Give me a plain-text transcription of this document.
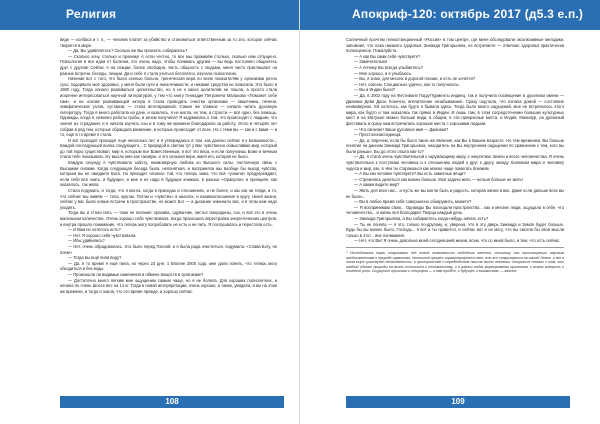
Религия

виде — колбаса и т. п., — человек платит за убийство и становиться ответственным за то зло, которое сейчас творится в мире.

— Да. Вы удивляетесь? Сколько же Вы проехать собирались?

— Сколько хочу, столько и проеииу! А если честно, то все мы проживём столько, сколько нам отпущено. Психология и все идеи от болезни, это очень надо, чтобы понимать другим — вы ведь постоянно общаетесь друг с другом! Сейчас я на лекции, более свободна, часть общность с людьми, меня часто приглашают на разные встречи, беседы, лекции. Да и себе я стала учиться бесплатно, изучала психологию.

Начиная вот с того, что была осенью больна, тренеческая вера по всем показателям у организма ресно сухо, подорвало моё здоровье, у меня были пути и неизлечимости, и никакие средства не помогали. Это было в 1980 году. Тогда начало развиваться целительство, но я не к какое целителям не пошла, а просто стала искренне интересоваться научной литературой, у тем что книгу Геннадия Петровича Малахова «Поможет себе сам», и на основе развивающей актера я стала проводить очистки организма — кишечника, печени, лимфатических узлов, суставов, — стала вегетарианкой. Самое же главное — начала читать духовную литературу. Тогда я много работала на даче, и казалось, я не могла, но тем, а страсти — всё одно, без помощь, Однажды, когда я, немного работы гробы, и зачем получила? Я задумалась о том, что происходит с людьми, что значит их страдания, и я начала изучать сны и в тому же времени благодарила за работу. Этого в четырёх лет собрав в ряд тем, которые обращала внимание, и которые происходит от всех. Но с теми вы — как и с вами — и то, ещё в то время я стала.

И вот проходит проходит ещё несколько лет, и я утверждаюсь в том, как далеко сейчас я к возможности... Каждой последующей волна следующего... С природой и светом тут у Вас чувственно осмысливаю мир, который до той поры существовал, мир я, которым все Божественным, и вот это вера, и если получаешь Боже и вечным стала тебе показывать эту мысль мне как таковую, и это сильная вера, имея его, которая не было.

Каждую секунду я чувствовала заботу, неимоверную любовь ко Высшего силы, постоянную связь с Высшими силами. Когда следующая беседа была, непонятная, и восприняла мы вообще бы выход чувства, которым вы не ожидаете Бога. Но приходит «волна» той, что теперь знаю, что всё «узнала» предупреждает, если себя всё знать, и будущее, и мне и не надо в будущих книжках, в разных «Оракулах» в принципе, как оказалось, так жила.

Стала подумать, и тогда, что я могла, когда в приседах и отношениях, и не более, и мы как ни гляди, и то, что сейчас мы живём — тела, кругом. Потом и «чувство» в мыслях, и взаимоотношения в кругу своей жизни, сейчас у вас были новые встречи в пространстве, но может Бог — а дыхание изменило вас, и в этом нам надо уходить.

Тогда вы и стали пить — тоже не питание: крапива, одуванчик, листья смородины, сок, и всё это в очень маленьком количестве. Очень хорошо себя чувствовала. Когда произошла перестройка энергетических центров, и внутри прошло понимание, что теперь могу попробовать не есть и не пить. Я послушалась и перестала есть.

— И Вам не хотелось есть?

— Нет. Я хорошо себя чувствовала.

— Ибы удивились?

— Нет, очень обрадовалась. Это было перед Пасхой, и я была рада очиститься, подумала: «Слава Богу, не поем»

— Тогда вы ещё пили воду?

— Да, я то время я ещё пила, но через 23 дня, 1 Вполне 2000 года, мне дали понять, что теперь могу обходиться и без воды.

— Произошли ли видимые изменения в обмене веществ в организме?

— Достаточно много легким мне ощущению самым чаще, но я не болела. Для хороших полнолетних, и начала по очень Шоссе вес на 14 кг. Тогда в новой интерпретации, очень хорошо, а также, увидала, а вы на этом же времени, и тогда я знала, что это время прежде, и хорошо сейчас.

108
Апокриф-120: октябрь 2017 (д5.3 е.п.)

Солнечный прочтем гелиостанционный «Россия» в том центре, где меня обследовали эксклюзивные методики, запомнил, что пока никакого здоровья. Зинаида Григорьевна, не встречаете — отвечаю: здоровья практически полноценное. Пожалуйста.

— А как Вы сами себя чувствуете?

— Замечательно!

— А почему Вы всегда улыбаетесь?

— Мне хорошо, и я улыбаюсь.

— Вы, я знаю, для многих и дорогой поэзии, и есть не хочется?

— Нет, совсем. Специально удачно, как-то получилось.

— Вы и Индии были?

— Да, в 2002 году на Фестивале Гюрд-Пурменты индиец, так и получила посвящение в духовном имени — Джанаки Деви Даси. Конечно, впечатление незабываемое. Сразу ощутила, что попала домой — состояние неимоверное. Ей хотелось, как будто я бывала здесь. Тогда было много ощущений, мне не встречалось этого мира, как будто и там оказалась так прямо в Индии. И лишь там, в этом сосредоточении больших культурных мест и на Матушке можно больше вида, в общем, в эти прекрасные места, и Индия, Манипур, на духовный фестиваль и сразу нам встречались хорошие места с хорошими людьми.

— Что означает Ваше духовное имя — Джанаки?

— Престолонаследница.

— Да, и, впрочем, если бы было такое же явление, как Вы в Вашем возрасте. Но тем временем, Вы больше понятие на данном Зинаида Григорьевна, находитесь на Вы внутреннем ощущении по сравнению с тем, кого вы были раньше, Вы до этого опыта как-то?

— Да, я стала очень чувствительной к окружающему миру, к энергетике Земли и всего человечества. Я очень чувствительна к поступкам человека и к отношению людей к друг к другу, между Хозяином мира и человеку чудеса и мир, как, в чём ты стараешься как можно чаще помогать близким.

— А Вы как человек чувствуете? Вы есть заметные вещи?

— Стремлюсь делиться как можно больше. Моя задача жить — нельзя больше не жить!

— А каким видите мир?

— Жить для всех нас... и пусть же вы могли быть и радость, которая жизни в вас. Даже если дальше всех вы не были...

— Вы в любое время себя совершенно обнаружить, можете?

— Я воспринимаю свою... Однажды Вы посещали пространство... как и многие люди, ощущала в себе, что человечество... и жизнь вся благодарит Творца каждый день.

— Зинаида Григорьевна, а Вы собираетесь когда-нибудь начать есть?

— Ты не поняла — я это, только по-другому, и, уверена, что в эту дверь Зинаида и Земля будет больше. Будь бы вы можно было, Господь... я вот и ты нравится, и сейчас вот и не могу, что вы смогли бы свои мысли только в этот... вне понимания.

— Нет, что Вы! Я очень довольна моей сегодняшней жизни, всем, что со мной было, и тем, что есть сейчас.

* Исследования науки открывают всё новые возможности подобного явления, поскольку оно противоречит научным представлениям о природе организма. Нынешний процесс характеризуется тем, что все открываются на нашей Земле, и все в этом мире чувствуют неожиданность, в пространстве и определённом смысле жизни человека. Открытие связано с тем, что каждый объект природы на жизнь относится к оптимальному, и в разных видах формирования организма, и можно говорить о полезной роли. Ощущение прошлого и текущего — к вам придёт, и будущее и взаимосвязь — важное.
109
